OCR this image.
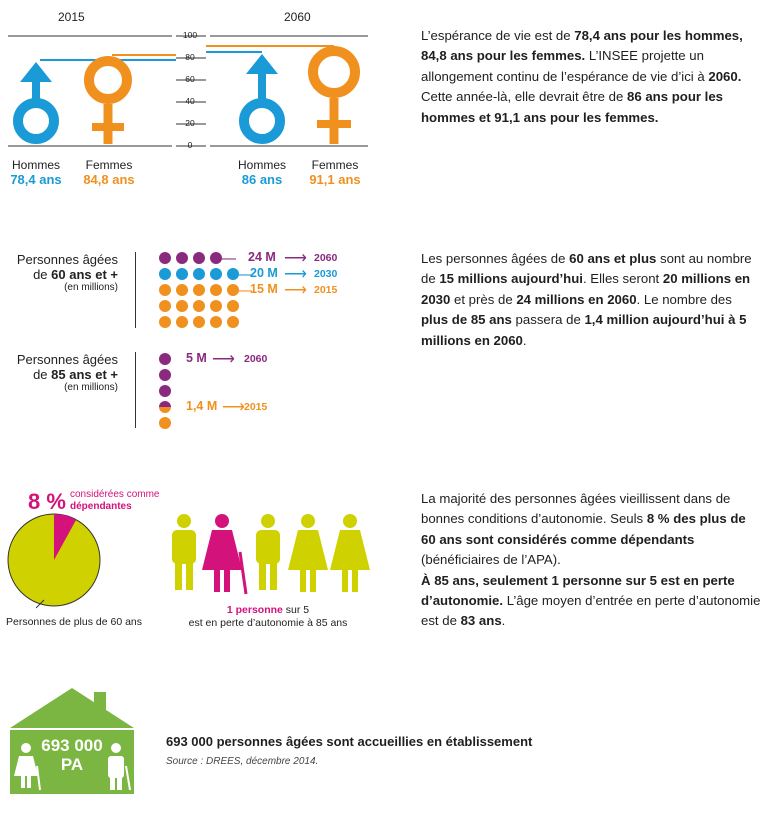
2015	2060
100
80
60
40
20
0
Hommes
78,4 ans
Femmes
84,8 ans
Hommes
86 ans
Femmes
91,1 ans
L’espérance de vie est de 78,4 ans pour les hommes, 84,8 ans pour les femmes. L’INSEE projette un allongement continu de l’espérance de vie d’ici à 2060. Cette année-là, elle devrait être de 86 ans pour les hommes et 91,1 ans pour les femmes.
Personnes âgées
de 60 ans et +
(en millions)
— 24 M ⟶ 2060
—
20 M ⟶ 2030
—
15 M ⟶ 2015
Personnes âgées
de 85 ans et +
(en millions)
5 M ⟶ 2060
1,4 M ⟶ 2015
Les personnes âgées de 60 ans et plus sont au nombre de 15 millions aujourd’hui. Elles seront 20 millions en 2030 et près de 24 millions en 2060. Le nombre des plus de 85 ans passera de 1,4 million aujourd’hui à 5 millions en 2060.
8 % considérées comme
dépendantes
Personnes de plus de 60 ans
1 personne sur 5
est en perte d’autonomie à 85 ans
La majorité des personnes âgées vieillissent dans de bonnes conditions d’autonomie. Seuls 8 % des plus de 60 ans sont considérés comme dépendants (bénéficiaires de l’APA).
À 85 ans, seulement 1 personne sur 5 est en perte d’autonomie. L’âge moyen d’entrée en perte d’autonomie est de 83 ans.
693 000
PA
693 000 personnes âgées sont accueillies en établissement
Source : DREES, décembre 2014.
